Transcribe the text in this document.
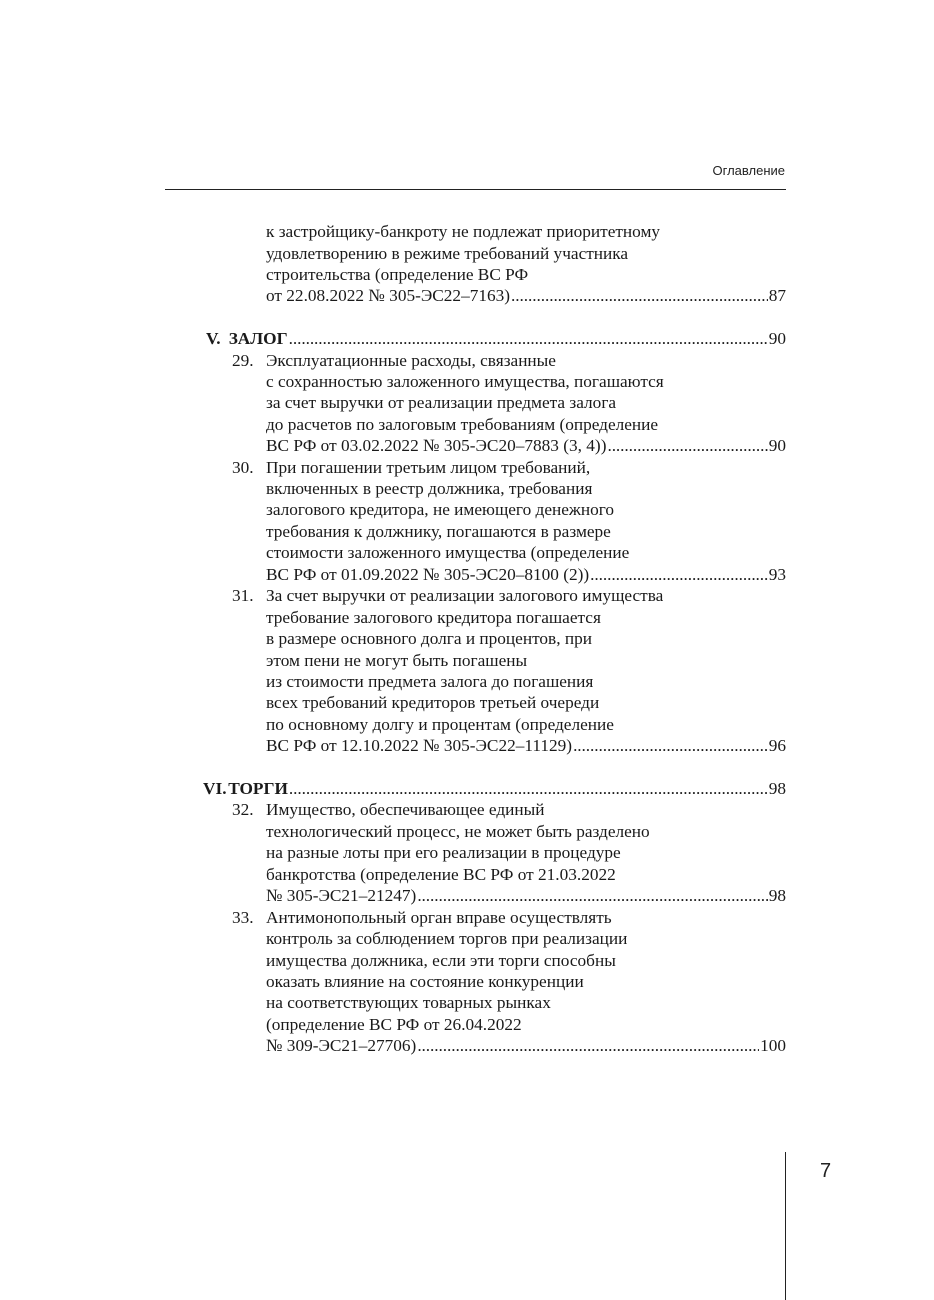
Оглавление
к застройщику-банкроту не подлежат приоритетному
удовлетворению в режиме требований участника
строительства (определение ВС РФ
от 22.08.2022 № 305-ЭС22–7163) . . .	87
V. ЗАЛОГ . . .	90
29. Эксплуатационные расходы, связанные
с сохранностью заложенного имущества, погашаются
за счет выручки от реализации предмета залога
до расчетов по залоговым требованиям (определение
ВС РФ от 03.02.2022 № 305-ЭС20–7883 (3, 4)) . . .	90
30. При погашении третьим лицом требований,
включенных в реестр должника, требования
залогового кредитора, не имеющего денежного
требования к должнику, погашаются в размере
стоимости заложенного имущества (определение
ВС РФ от 01.09.2022 № 305-ЭС20–8100 (2)) . . .	93
31. За счет выручки от реализации залогового имущества
требование залогового кредитора погашается
в размере основного долга и процентов, при
этом пени не могут быть погашены
из стоимости предмета залога до погашения
всех требований кредиторов третьей очереди
по основному долгу и процентам (определение
ВС РФ от 12.10.2022 № 305-ЭС22–11129) . . .	96
VI. ТОРГИ . . .	98
32. Имущество, обеспечивающее единый
технологический процесс, не может быть разделено
на разные лоты при его реализации в процедуре
банкротства (определение ВС РФ от 21.03.2022
№ 305-ЭС21–21247) . . .	98
33. Антимонопольный орган вправе осуществлять
контроль за соблюдением торгов при реализации
имущества должника, если эти торги способны
оказать влияние на состояние конкуренции
на соответствующих товарных рынках
(определение ВС РФ от 26.04.2022
№ 309-ЭС21–27706) . . .	100
7
